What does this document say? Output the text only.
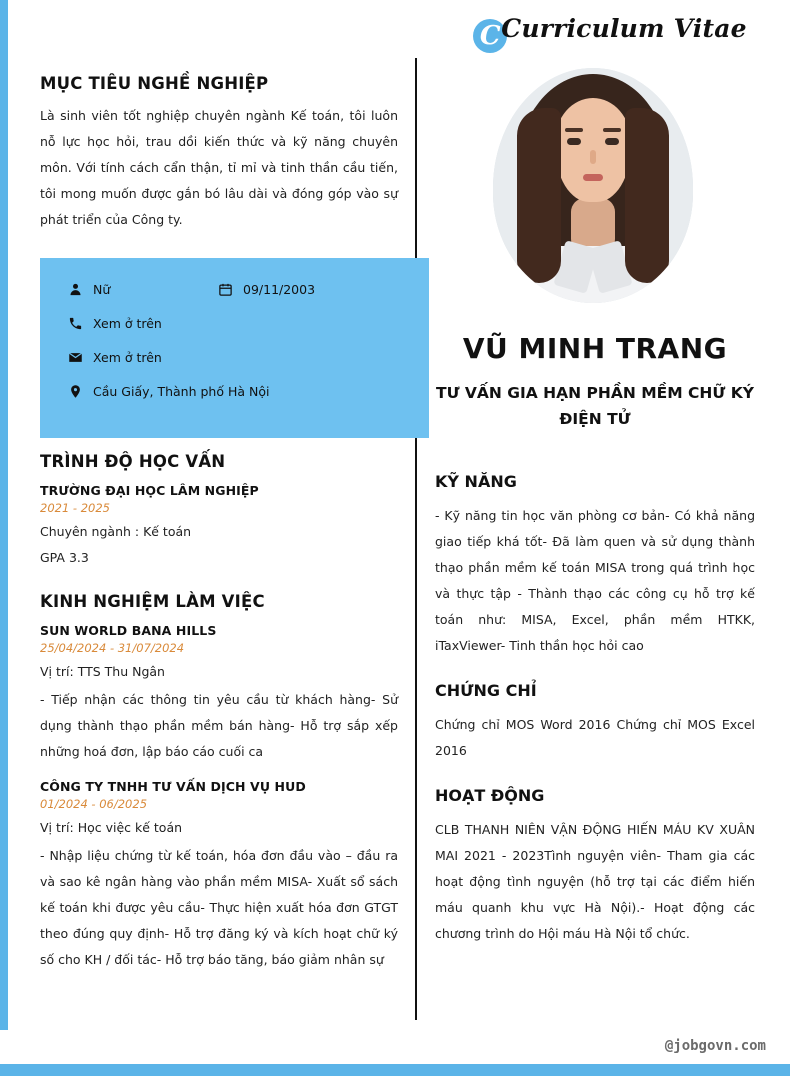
CCurriculum Vitae
VŨ MINH TRANG
TƯ VẤN GIA HẠN PHẦN MỀM CHỮ KÝ ĐIỆN TỬ
MỤC TIÊU NGHỀ NGHIỆP

Là sinh viên tốt nghiệp chuyên ngành Kế toán, tôi luôn nỗ lực học hỏi, trau dồi kiến thức và kỹ năng chuyên môn. Với tính cách cẩn thận, tỉ mỉ và tinh thần cầu tiến, tôi mong muốn được gắn bó lâu dài và đóng góp vào sự phát triển của Công ty.

Nữ	09/11/2003
Xem ở trên
Xem ở trên
Cầu Giấy, Thành phố Hà Nội
TRÌNH ĐỘ HỌC VẤN
TRƯỜNG ĐẠI HỌC LÂM NGHIỆP
2021 - 2025
Chuyên ngành : Kế toán
GPA 3.3
KINH NGHIỆM LÀM VIỆC
SUN WORLD BANA HILLS
25/04/2024 - 31/07/2024
Vị trí: TTS Thu Ngân
- Tiếp nhận các thông tin yêu cầu từ khách hàng- Sử dụng thành thạo phần mềm bán hàng- Hỗ trợ sắp xếp những hoá đơn, lập báo cáo cuối ca
CÔNG TY TNHH TƯ VẤN DỊCH VỤ HUD
01/2024 - 06/2025
Vị trí: Học việc kế toán
- Nhập liệu chứng từ kế toán, hóa đơn đầu vào – đầu ra và sao kê ngân hàng vào phần mềm MISA- Xuất sổ sách kế toán khi được yêu cầu- Thực hiện xuất hóa đơn GTGT theo đúng quy định- Hỗ trợ đăng ký và kích hoạt chữ ký số cho KH / đối tác- Hỗ trợ báo tăng, báo giảm nhân sự
KỸ NĂNG

- Kỹ năng tin học văn phòng cơ bản- Có khả năng giao tiếp khá tốt- Đã làm quen và sử dụng thành thạo phần mềm kế toán MISA trong quá trình học và thực tập - Thành thạo các công cụ hỗ trợ kế toán như: MISA, Excel, phần mềm HTKK, iTaxViewer- Tinh thần học hỏi cao

CHỨNG CHỈ

Chứng chỉ MOS Word 2016 Chứng chỉ MOS Excel 2016

HOẠT ĐỘNG

CLB THANH NIÊN VẬN ĐỘNG HIẾN MÁU KV XUÂN MAI 2021 - 2023Tình nguyện viên- Tham gia các hoạt động tình nguyện (hỗ trợ tại các điểm hiến máu quanh khu vực Hà Nội).- Hoạt động các chương trình do Hội máu Hà Nội tổ chức.

@jobgovn.com
